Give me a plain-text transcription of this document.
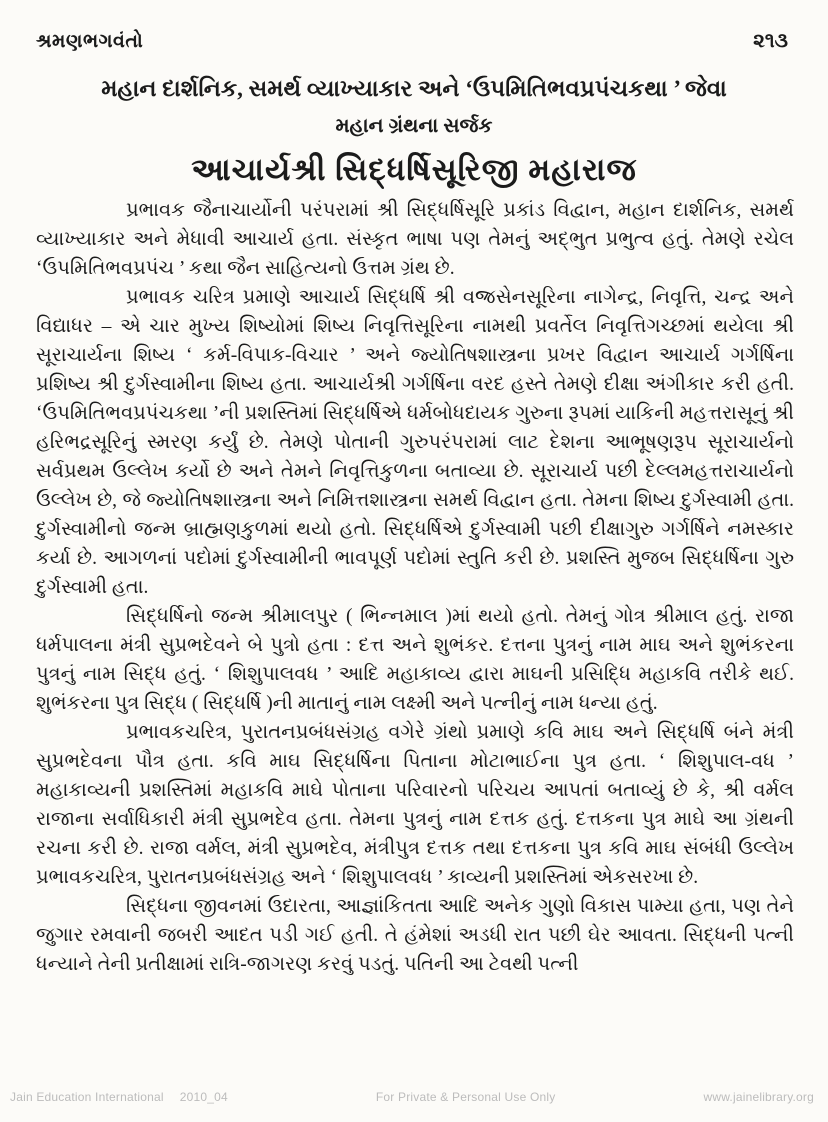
શ્રમણભગવંતો	૨૧૩
મહાન દાર્શનિક, સમર્થ વ્યાખ્યાકાર અને ‘ઉપમિતિભવપ્રપંચકથા ’ જેવા
મહાન ગ્રંથના સર્જક
આચાર્યશ્રી સિદ્ધર્ષિસૂરિજી મહારાજ

પ્રભાવક જૈનાચાર્યોની પરંપરામાં શ્રી સિદ્ધર્ષિસૂરિ પ્રકાંડ વિદ્વાન, મહાન દાર્શનિક, સમર્થ વ્યાખ્યાકાર અને મેધાવી આચાર્ય હતા. સંસ્કૃત ભાષા પણ તેમનું અદ્ભુત પ્રભુત્વ હતું. તેમણે રચેલ ‘ઉપમિતિભવપ્રપંચ ’ કથા જૈન સાહિત્યનો ઉત્તમ ગ્રંથ છે.

પ્રભાવક ચરિત્ર પ્રમાણે આચાર્ય સિદ્ધર્ષિ શ્રી વજ્રસેનસૂરિના નાગેન્દ્ર, નિવૃત્તિ, ચન્દ્ર અને વિદ્યાધર – એ ચાર મુખ્ય શિષ્યોમાં શિષ્ય નિવૃત્તિસૂરિના નામથી પ્રવર્તેલ નિવૃત્તિગચ્છમાં થયેલા શ્રી સૂરાચાર્યના શિષ્ય ‘ કર્મ-વિપાક-વિચાર ’ અને જ્યોતિષશાસ્ત્રના પ્રખર વિદ્વાન આચાર્ય ગર્ગર્ષિના પ્રશિષ્ય શ્રી દુર્ગસ્વામીના શિષ્ય હતા. આચાર્યશ્રી ગર્ગર્ષિના વરદ હસ્તે તેમણે દીક્ષા અંગીકાર કરી હતી. ‘ઉપમિતિભવપ્રપંચકથા ’ની પ્રશસ્તિમાં સિદ્ધર્ષિએ ધર્મબોધદાયક ગુરુના રૂપમાં યાકિની મહત્તરાસૂનું શ્રી હરિભદ્રસૂરિનું સ્મરણ કર્યું છે. તેમણે પોતાની ગુરુપરંપરામાં લાટ દેશના આભૂષણરૂપ સૂરાચાર્યનો સર્વપ્રથમ ઉલ્લેખ કર્યો છે અને તેમને નિવૃત્તિકુળના બતાવ્યા છે. સૂરાચાર્ય પછી દેલ્લમહત્તરાચાર્યનો ઉલ્લેખ છે, જે જ્યોતિષશાસ્ત્રના અને નિમિત્તશાસ્ત્રના સમર્થ વિદ્વાન હતા. તેમના શિષ્ય દુર્ગસ્વામી હતા. દુર્ગસ્વામીનો જન્મ બ્રાહ્મણકુળમાં થયો હતો. સિદ્ધર્ષિએ દુર્ગસ્વામી પછી દીક્ષાગુરુ ગર્ગર્ષિને નમસ્કાર કર્યા છે. આગળનાં પદોમાં દુર્ગસ્વામીની ભાવપૂર્ણ પદોમાં સ્તુતિ કરી છે. પ્રશસ્તિ મુજબ સિદ્ધર્ષિના ગુરુ દુર્ગસ્વામી હતા.

સિદ્ધર્ષિનો જન્મ શ્રીમાલપુર ( ભિન્નમાલ )માં થયો હતો. તેમનું ગોત્ર શ્રીમાલ હતું. રાજા ધર્મપાલના મંત્રી સુપ્રભદેવને બે પુત્રો હતા : દત્ત અને શુભંકર. દત્તના પુત્રનું નામ માઘ અને શુભંકરના પુત્રનું નામ સિદ્ધ હતું. ‘ શિશુપાલવધ ’ આદિ મહાકાવ્ય દ્વારા માઘની પ્રસિદ્ધિ મહાકવિ તરીકે થઈ. શુભંકરના પુત્ર સિદ્ધ ( સિદ્ધર્ષિ )ની માતાનું નામ લક્ષ્મી અને પત્નીનું નામ ધન્યા હતું.

પ્રભાવકચરિત્ર, પુરાતનપ્રબંધસંગ્રહ વગેરે ગ્રંથો પ્રમાણે કવિ માઘ અને સિદ્ધર્ષિ બંને મંત્રી સુપ્રભદેવના પૌત્ર હતા. કવિ માઘ સિદ્ધર્ષિના પિતાના મોટાભાઈના પુત્ર હતા. ‘ શિશુપાલ-વધ ’ મહાકાવ્યની પ્રશસ્તિમાં મહાકવિ માઘે પોતાના પરિવારનો પરિચય આપતાં બતાવ્યું છે કે, શ્રી વર્મલ રાજાના સર્વાધિકારી મંત્રી સુપ્રભદેવ હતા. તેમના પુત્રનું નામ દત્તક હતું. દત્તકના પુત્ર માઘે આ ગ્રંથની રચના કરી છે. રાજા વર્મલ, મંત્રી સુપ્રભદેવ, મંત્રીપુત્ર દત્તક તથા દત્તકના પુત્ર કવિ માઘ સંબંધી ઉલ્લેખ પ્રભાવકચરિત્ર, પુરાતનપ્રબંધસંગ્રહ અને ‘ શિશુપાલવધ ’ કાવ્યની પ્રશસ્તિમાં એકસરખા છે.

સિદ્ધના જીવનમાં ઉદારતા, આજ્ઞાંકિતતા આદિ અનેક ગુણો વિકાસ પામ્યા હતા, પણ તેને જુગાર રમવાની જબરી આદત પડી ગઈ હતી. તે હંમેશાં અડધી રાત પછી ઘેર આવતા. સિદ્ધની પત્ની ધન્યાને તેની પ્રતીક્ષામાં રાત્રિ-જાગરણ કરવું પડતું. પતિની આ ટેવથી પત્ની

Jain Education International 2010_04	For Private & Personal Use Only	www.jainelibrary.org
